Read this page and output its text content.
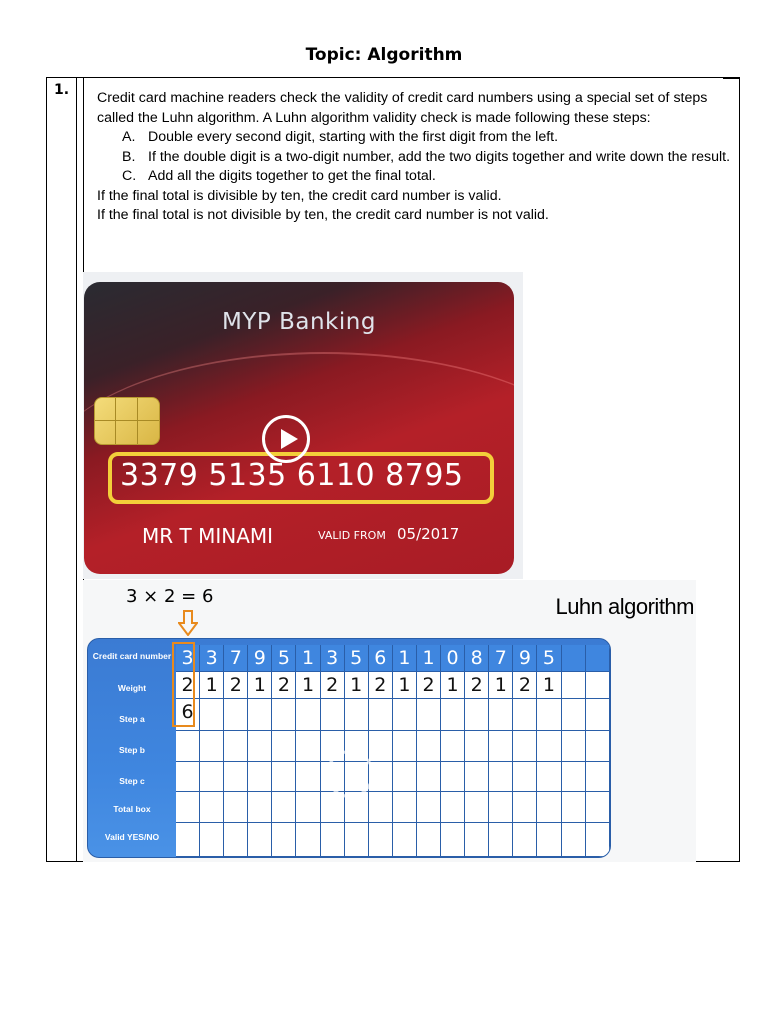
Topic: Algorithm
1. Credit card machine readers check the validity of credit card numbers using a special set of steps called the Luhn algorithm. A Luhn algorithm validity check is made following these steps:

A. Double every second digit, starting with the first digit from the left.
B. If the double digit is a two-digit number, add the two digits together and write down the result.
C. Add all the digits together to get the final total.

If the final total is divisible by ten, the credit card number is valid.

If the final total is not divisible by ten, the credit card number is not valid.

MYP Banking
3379 5135 6110 8795
MR T MINAMI	VALID FROM 05/2017
3 × 2 = 6	Luhn algorithm
Credit card number
Weight
Step a
Step b
Step c
Total box
Valid YES/NO
3 3 7 9 5 1 3 5 6 1 1 0 8 7 9 5
2 1 2 1 2 1 2 1 2 1 2 1 2 1 2 1
6
